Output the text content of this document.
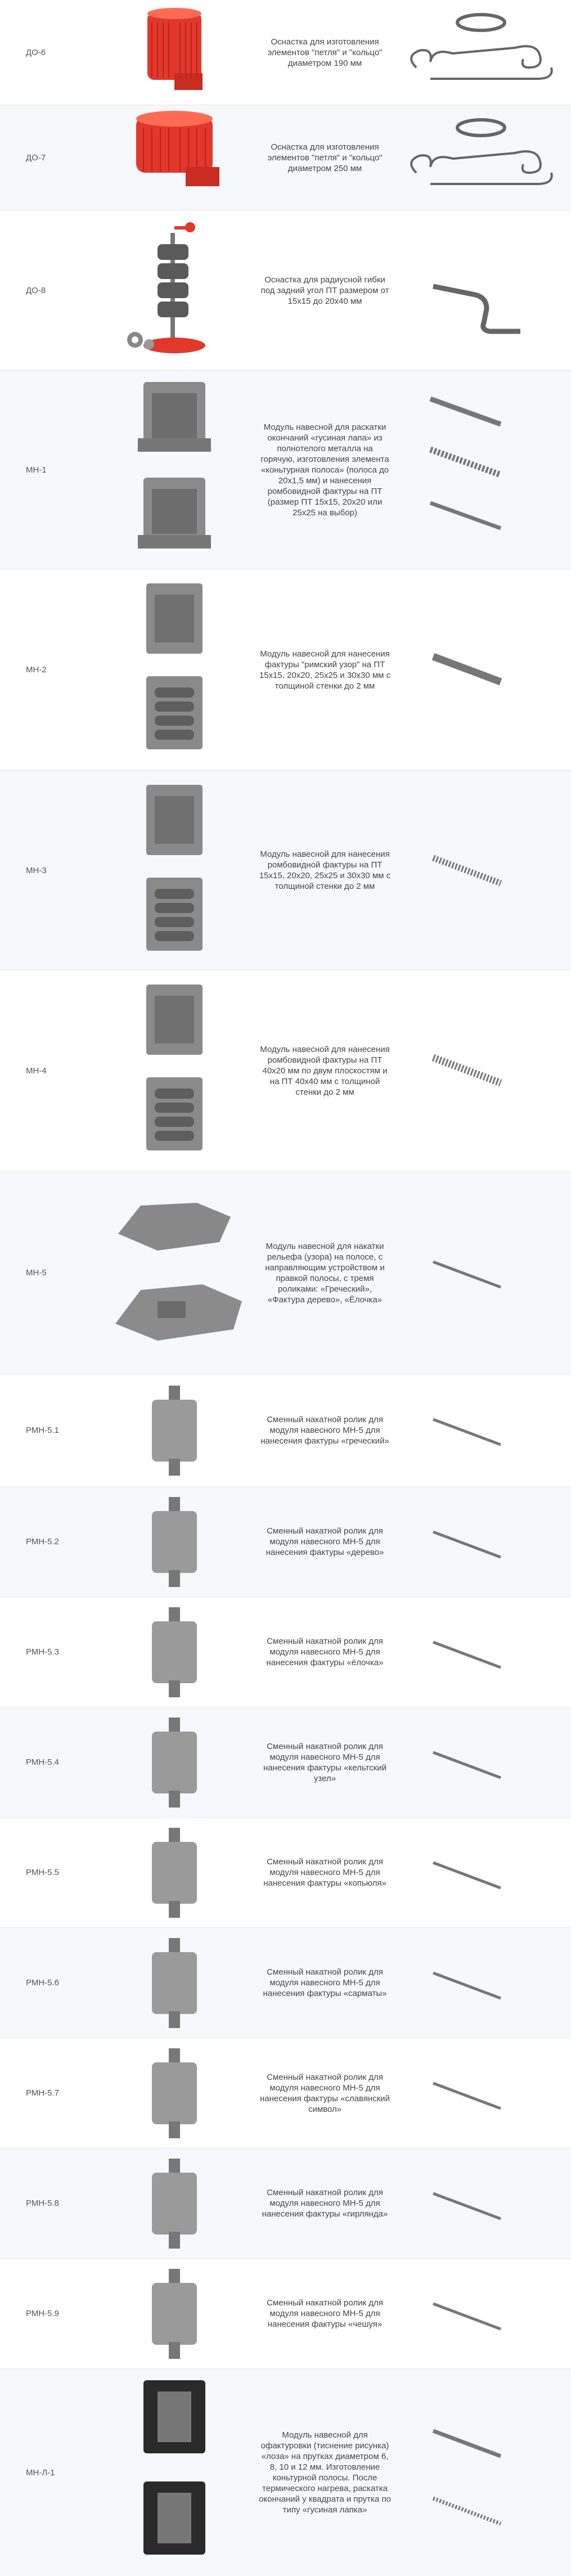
ДО-6
Оснастка для изготовления элементов "петля" и "кольцо" диаметром 190 мм
ДО-7
Оснастка для изготовления элементов "петля" и "кольцо" диаметром 250 мм
ДО-8
Оснастка для радиусной гибки под задний угол ПТ размером от 15х15 до 20х40 мм
МН-1
Модуль навесной для раскатки окончаний «гусиная лапа» из полнотелого металла на горячую, изготовления элемента «коньтурная полоса» (полоса до 20х1,5 мм) и нанесения ромбовидной фактуры на ПТ (размер ПТ 15х15, 20х20 или 25х25 на выбор)
МН-2
Модуль навесной для нанесения фактуры "римский узор" на ПТ 15х15, 20х20, 25х25 и 30х30 мм с толщиной стенки до 2 мм
МН-3
Модуль навесной для нанесения ромбовидной фактуры на ПТ 15х15, 20х20, 25х25 и 30х30 мм с толщиной стенки до 2 мм
МН-4
Модуль навесной для нанесения ромбовидной фактуры на ПТ 40х20 мм по двум плоскостям и на ПТ 40х40 мм с толщиной стенки до 2 мм
МН-5
Модуль навесной для накатки рельефа (узора) на полосе, с направляющим устройством и правкой полосы, с тремя роликами: «Греческий», «Фактура дерево», «Ёлочка»
РМН-5.1
Сменный накатной ролик для модуля навесного МН-5 для нанесения фактуры «греческий»
РМН-5.2
Сменный накатной ролик для модуля навесного МН-5 для нанесения фактуры «дерево»
РМН-5.3
Сменный накатной ролик для модуля навесного МН-5 для нанесения фактуры «ёлочка»
РМН-5.4
Сменный накатной ролик для модуля навесного МН-5 для нанесения фактуры «кельтский узел»
РМН-5.5
Сменный накатной ролик для модуля навесного МН-5 для нанесения фактуры «копьюля»
РМН-5.6
Сменный накатной ролик для модуля навесного МН-5 для нанесения фактуры «сарматы»
РМН-5.7
Сменный накатной ролик для модуля навесного МН-5 для нанесения фактуры «славянский символ»
РМН-5.8
Сменный накатной ролик для модуля навесного МН-5 для нанесения фактуры «гирлянда»
РМН-5.9
Сменный накатной ролик для модуля навесного МН-5 для нанесения фактуры «чешуя»
МН-Л-1
Модуль навесной для офактуровки (тиснение рисунка) «лоза» на прутках диаметром 6, 8, 10 и 12 мм. Изготовление коньтурной полосы. После термического нагрева, раскатка окончаний у квадрата и прутка по типу «гусиная лапка»
